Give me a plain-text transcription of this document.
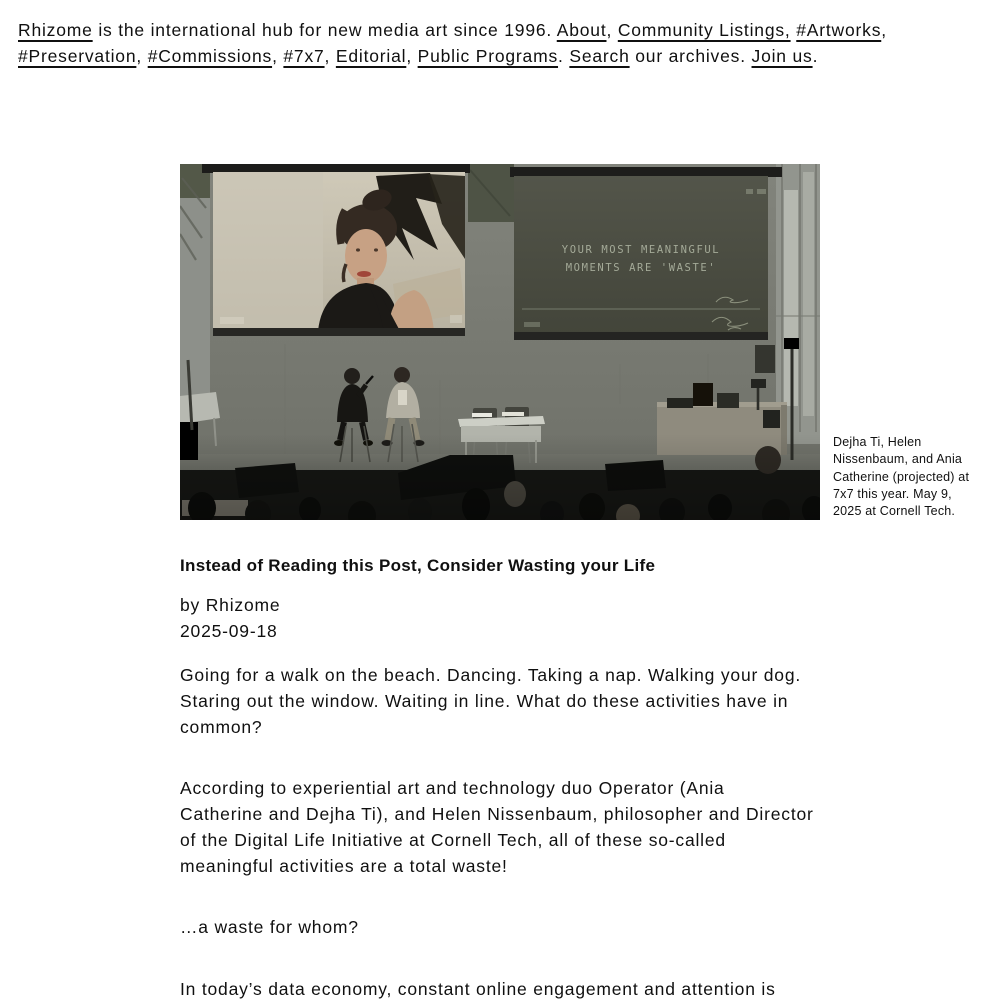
Rhizome is the international hub for new media art since 1996. About, Community Listings, #Artworks,
#Preservation, #Commissions, #7x7, Editorial, Public Programs. Search our archives. Join us.
YOUR MOST MEANINGFUL
MOMENTS ARE 'WASTE'
Dejha Ti, Helen
Nissenbaum, and Ania
Catherine (projected) at
7x7 this year. May 9,
2025 at Cornell Tech.
Instead of Reading this Post, Consider Wasting your Life
by Rhizome
2025-09-18
Going for a walk on the beach. Dancing. Taking a nap. Walking your dog.
Staring out the window. Waiting in line. What do these activities have in
common?
According to experiential art and technology duo Operator (Ania
Catherine and Dejha Ti), and Helen Nissenbaum, philosopher and Director
of the Digital Life Initiative at Cornell Tech, all of these so-called
meaningful activities are a total waste!
…a waste for whom?
In today’s data economy, constant online engagement and attention is
